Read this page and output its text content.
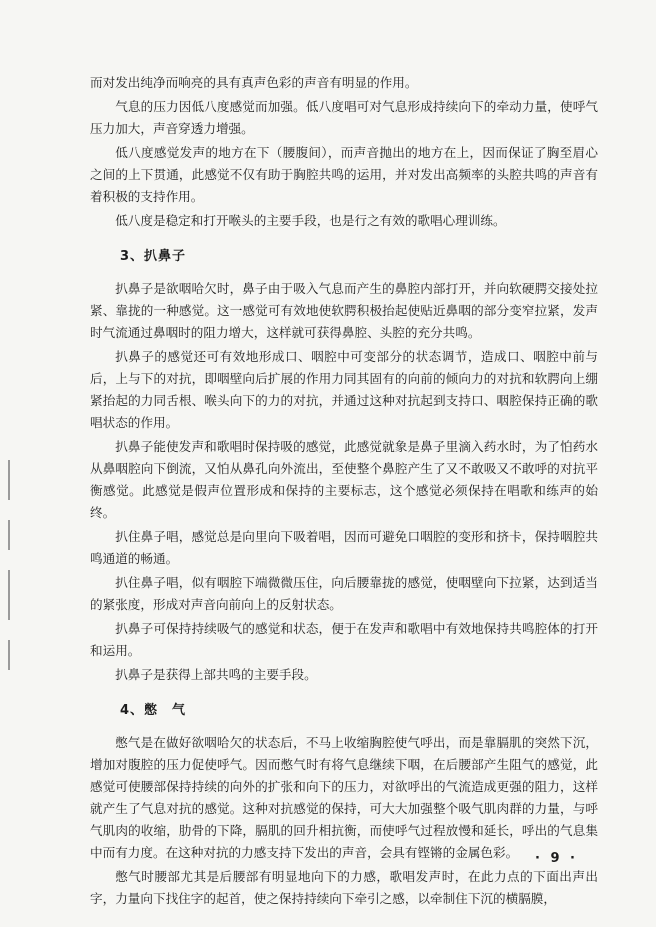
而对发出纯净而响亮的具有真声色彩的声音有明显的作用。

气息的压力因低八度感觉而加强。低八度唱可对气息形成持续向下的牵动力量，使呼气压力加大，声音穿透力增强。

低八度感觉发声的地方在下（腰腹间），而声音抛出的地方在上，因而保证了胸至眉心之间的上下贯通，此感觉不仅有助于胸腔共鸣的运用，并对发出高频率的头腔共鸣的声音有着积极的支持作用。

低八度是稳定和打开喉头的主要手段，也是行之有效的歌唱心理训练。

3、扒鼻子

扒鼻子是欲咽哈欠时，鼻子由于吸入气息而产生的鼻腔内部打开，并向软硬腭交接处拉紧、靠拢的一种感觉。这一感觉可有效地使软腭积极抬起使贴近鼻咽的部分变窄拉紧，发声时气流通过鼻咽时的阻力增大，这样就可获得鼻腔、头腔的充分共鸣。

扒鼻子的感觉还可有效地形成口、咽腔中可变部分的状态调节，造成口、咽腔中前与后，上与下的对抗，即咽壁向后扩展的作用力同其固有的向前的倾向力的对抗和软腭向上绷紧抬起的力同舌根、喉头向下的力的对抗，并通过这种对抗起到支持口、咽腔保持正确的歌唱状态的作用。

扒鼻子能使发声和歌唱时保持吸的感觉，此感觉就象是鼻子里滴入药水时，为了怕药水从鼻咽腔向下倒流，又怕从鼻孔向外流出，至使整个鼻腔产生了又不敢吸又不敢呼的对抗平衡感觉。此感觉是假声位置形成和保持的主要标志，这个感觉必须保持在唱歌和练声的始终。

扒住鼻子唱，感觉总是向里向下吸着唱，因而可避免口咽腔的变形和挤卡，保持咽腔共鸣通道的畅通。

扒住鼻子唱，似有咽腔下端微微压住，向后腰靠拢的感觉，使咽壁向下拉紧，达到适当的紧张度，形成对声音向前向上的反射状态。

扒鼻子可保持持续吸气的感觉和状态，便于在发声和歌唱中有效地保持共鸣腔体的打开和运用。

扒鼻子是获得上部共鸣的主要手段。

4、憋　气

憋气是在做好欲咽哈欠的状态后，不马上收缩胸腔使气呼出，而是靠膈肌的突然下沉，增加对腹腔的压力促使呼气。因而憋气时有将气息继续下咽，在后腰部产生阻气的感觉，此感觉可使腰部保持持续的向外的扩张和向下的压力，对欲呼出的气流造成更强的阻力，这样就产生了气息对抗的感觉。这种对抗感觉的保持，可大大加强整个吸气肌肉群的力量，与呼气肌肉的收缩，肋骨的下降，膈肌的回升相抗衡，而使呼气过程放慢和延长，呼出的气息集中而有力度。在这种对抗的力感支持下发出的声音，会具有铿锵的金属色彩。

憋气时腰部尤其是后腰部有明显地向下的力感，歌唱发声时，在此力点的下面出声出字，力量向下找住字的起首，使之保持持续向下牵引之感，以牵制住下沉的横膈膜，

· 9 ·
